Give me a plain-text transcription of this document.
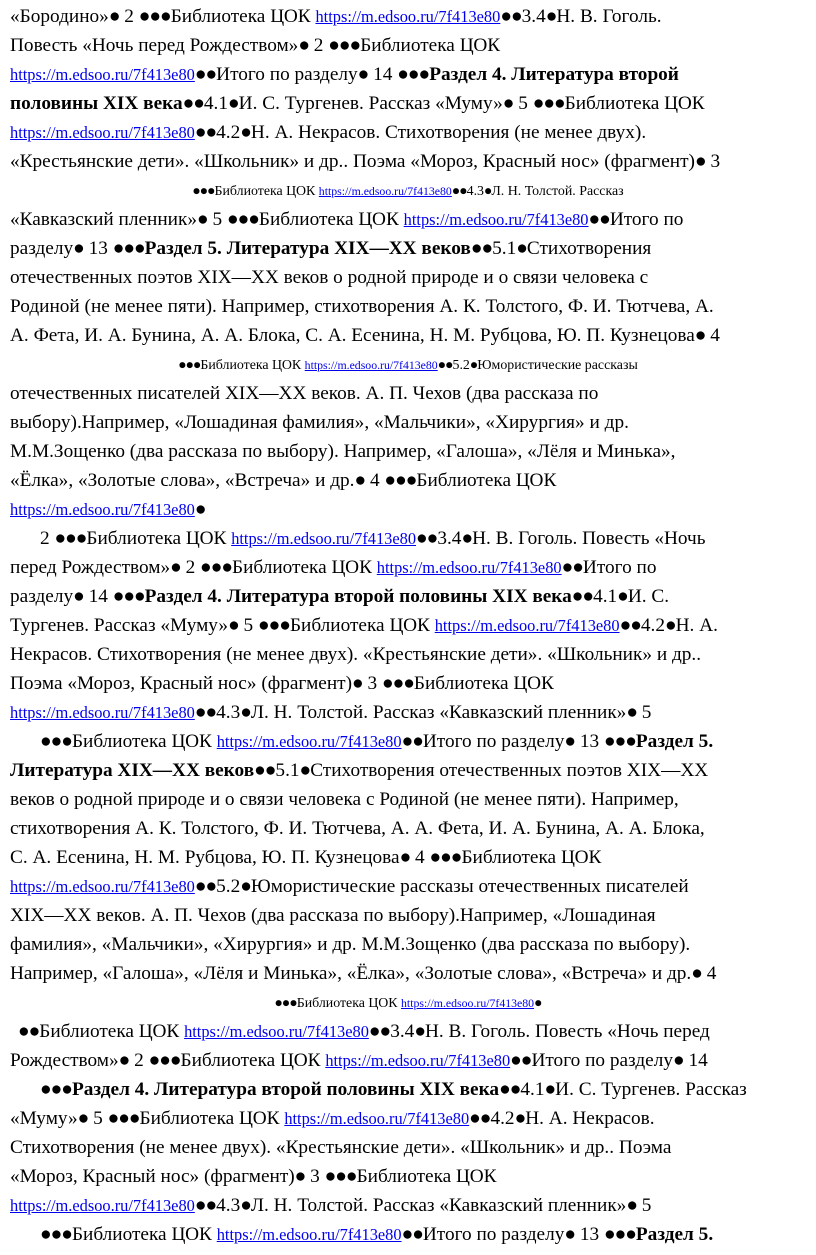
«Бородино»● 2 ●●●Библиотека ЦОК https://m.edsoo.ru/7f413e80●●3.4●Н. В. Гоголь.
Повесть «Ночь перед Рождеством»● 2 ●●●Библиотека ЦОК
https://m.edsoo.ru/7f413e80●●Итого по разделу● 14 ●●●Раздел 4. Литература второй
половины XIX века●●4.1●И. С. Тургенев. Рассказ «Муму»● 5 ●●●Библиотека ЦОК
https://m.edsoo.ru/7f413e80●●4.2●Н. А. Некрасов. Стихотворения (не менее двух).
«Крестьянские дети». «Школьник» и др.. Поэма «Мороз, Красный нос» (фрагмент)● 3
●●●Библиотека ЦОК https://m.edsoo.ru/7f413e80●●4.3●Л. Н. Толстой. Рассказ
«Кавказский пленник»● 5 ●●●Библиотека ЦОК https://m.edsoo.ru/7f413e80●●Итого по
разделу● 13 ●●●Раздел 5. Литература XIX—XX веков●●5.1●Стихотворения
отечественных поэтов XIX—XX веков о родной природе и о связи человека с
Родиной (не менее пяти). Например, стихотворения А. К. Толстого, Ф. И. Тютчева, А.
А. Фета, И. А. Бунина, А. А. Блока, С. А. Есенина, Н. М. Рубцова, Ю. П. Кузнецова● 4
●●●Библиотека ЦОК https://m.edsoo.ru/7f413e80●●5.2●Юмористические рассказы
отечественных писателей XIX—XX веков. А. П. Чехов (два рассказа по
выбору).Например, «Лошадиная фамилия», «Мальчики», «Хирургия» и др.
М.М.Зощенко (два рассказа по выбору). Например, «Галоша», «Лёля и Минька»,
«Ёлка», «Золотые слова», «Встреча» и др.● 4 ●●●Библиотека ЦОК
https://m.edsoo.ru/7f413e80●
2 ●●●Библиотека ЦОК https://m.edsoo.ru/7f413e80●●3.4●Н. В. Гоголь. Повесть «Ночь
перед Рождеством»● 2 ●●●Библиотека ЦОК https://m.edsoo.ru/7f413e80●●Итого по
разделу● 14 ●●●Раздел 4. Литература второй половины XIX века●●4.1●И. С.
Тургенев. Рассказ «Муму»● 5 ●●●Библиотека ЦОК https://m.edsoo.ru/7f413e80●●4.2●Н. А.
Некрасов. Стихотворения (не менее двух). «Крестьянские дети». «Школьник» и др..
Поэма «Мороз, Красный нос» (фрагмент)● 3 ●●●Библиотека ЦОК
https://m.edsoo.ru/7f413e80●●4.3●Л. Н. Толстой. Рассказ «Кавказский пленник»● 5
●●●Библиотека ЦОК https://m.edsoo.ru/7f413e80●●Итого по разделу● 13 ●●●Раздел 5.
Литература XIX—XX веков●●5.1●Стихотворения отечественных поэтов XIX—XX
веков о родной природе и о связи человека с Родиной (не менее пяти). Например,
стихотворения А. К. Толстого, Ф. И. Тютчева, А. А. Фета, И. А. Бунина, А. А. Блока,
С. А. Есенина, Н. М. Рубцова, Ю. П. Кузнецова● 4 ●●●Библиотека ЦОК
https://m.edsoo.ru/7f413e80●●5.2●Юмористические рассказы отечественных писателей
XIX—XX веков. А. П. Чехов (два рассказа по выбору).Например, «Лошадиная
фамилия», «Мальчики», «Хирургия» и др. М.М.Зощенко (два рассказа по выбору).
Например, «Галоша», «Лёля и Минька», «Ёлка», «Золотые слова», «Встреча» и др.● 4
●●●Библиотека ЦОК https://m.edsoo.ru/7f413e80●
●●Библиотека ЦОК https://m.edsoo.ru/7f413e80●●3.4●Н. В. Гоголь. Повесть «Ночь перед
Рождеством»● 2 ●●●Библиотека ЦОК https://m.edsoo.ru/7f413e80●●Итого по разделу● 14
●●●Раздел 4. Литература второй половины XIX века●●4.1●И. С. Тургенев. Рассказ
«Муму»● 5 ●●●Библиотека ЦОК https://m.edsoo.ru/7f413e80●●4.2●Н. А. Некрасов.
Стихотворения (не менее двух). «Крестьянские дети». «Школьник» и др.. Поэма
«Мороз, Красный нос» (фрагмент)● 3 ●●●Библиотека ЦОК
https://m.edsoo.ru/7f413e80●●4.3●Л. Н. Толстой. Рассказ «Кавказский пленник»● 5
●●●Библиотека ЦОК https://m.edsoo.ru/7f413e80●●Итого по разделу● 13 ●●●Раздел 5.
